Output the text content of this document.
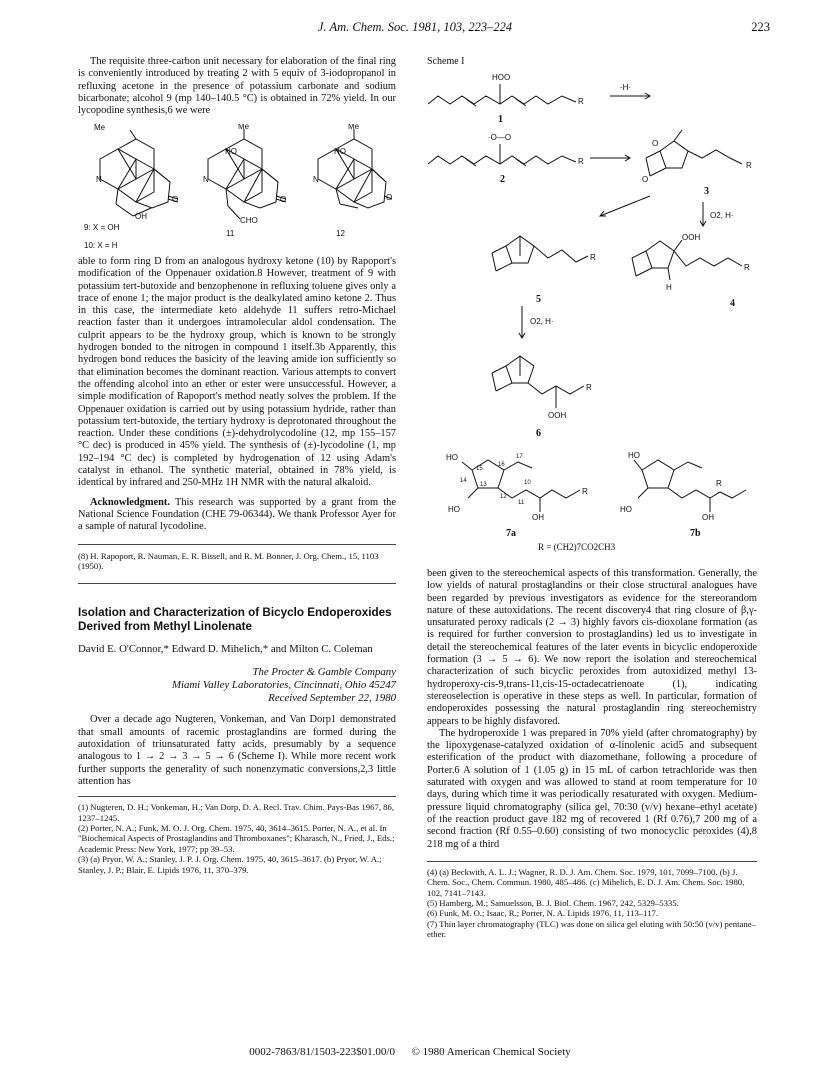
J. Am. Chem. Soc. 1981, 103, 223–224	223

The requisite three-carbon unit necessary for elaboration of the final ring is conveniently introduced by treating 2 with 5 equiv of 3-iodopropanol in refluxing acetone in the presence of potassium carbonate and sodium bicarbonate; alcohol 9 (mp 140–140.5 °C) is obtained in 72% yield. In our lycopodine synthesis,6 we were

Me
N
O
OH
9: X = OH
10: X = H
Me
HO
N
O
CHO
11
Me
HO
N
O
12

able to form ring D from an analogous hydroxy ketone (10) by Rapoport's modification of the Oppenauer oxidation.8 However, treatment of 9 with potassium tert-butoxide and benzophenone in refluxing toluene gives only a trace of enone 1; the major product is the dealkylated amino ketone 2. Thus in this case, the intermediate keto aldehyde 11 suffers retro-Michael reaction faster than it undergoes intramolecular aldol condensation. The culprit appears to be the hydroxy group, which is known to be strongly hydrogen bonded to the nitrogen in compound 1 itself.3b Apparently, this hydrogen bond reduces the basicity of the leaving amide ion sufficiently so that elimination becomes the dominant reaction. Various attempts to convert the offending alcohol into an ether or ester were unsuccessful. However, a simple modification of Rapoport's method neatly solves the problem. If the Oppenauer oxidation is carried out by using potassium hydride, rather than potassium tert-butoxide, the tertiary hydroxy is deprotonated throughout the reaction. Under these conditions (±)-dehydrolycodoline (12, mp 155–157 °C dec) is produced in 45% yield. The synthesis of (±)-lycodoline (1, mp 192–194 °C dec) is completed by hydrogenation of 12 using Adam's catalyst in ethanol. The synthetic material, obtained in 78% yield, is identical by infrared and 250-MHz 1H NMR with the natural alkaloid.

Acknowledgment. This research was supported by a grant from the National Science Foundation (CHE 79-06344). We thank Professor Ayer for a sample of natural lycodoline.

(8) H. Rapoport, R. Nauman, E. R. Bissell, and R. M. Bonner, J. Org. Chem., 15, 1103 (1950).
Isolation and Characterization of Bicyclo Endoperoxides Derived from Methyl Linolenate
David E. O'Connor,* Edward D. Mihelich,* and Milton C. Coleman
The Procter & Gamble Company
Miami Valley Laboratories, Cincinnati, Ohio 45247
Received September 22, 1980

Over a decade ago Nugteren, Vonkeman, and Van Dorp1 demonstrated that small amounts of racemic prostaglandins are formed during the autoxidation of triunsaturated fatty acids, presumably by a sequence analogous to 1 → 2 → 3 → 5 → 6 (Scheme I). While more recent work further supports the generality of such nonenzymatic conversions,2,3 little attention has

(1) Nugteren, D. H.; Vonkeman, H.; Van Dorp, D. A. Recl. Trav. Chim. Pays-Bas 1967, 86, 1237–1245.
(2) Porter, N. A.; Funk, M. O. J. Org. Chem. 1975, 40, 3614–3615. Porter, N. A., et al. In "Biochemical Aspects of Prostaglandins and Thromboxanes"; Kharasch, N., Fried, J., Eds.; Academic Press: New York, 1977; pp 39–53.
(3) (a) Pryor, W. A.; Stanley, J. P. J. Org. Chem. 1975, 40, 3615–3617. (b) Pryor, W. A.; Stanley, J. P.; Blair, E. Lipids 1976, 11, 370–379.
Scheme I
HOO
R
-H·
1
·O—O
R
2
O
O
R
3
O2, H·
OOH
H
R
4
R
5
O2, H·
R
OOH
6
HO
HO
OH
R
17
16
15
14
13
12
11
10
7a
HO
HO
OH
R
7b
R = (CH2)7CO2CH3

been given to the stereochemical aspects of this transformation. Generally, the low yields of natural prostaglandins or their close structural analogues have been regarded by previous investigators as evidence for the stereorandom nature of these autoxidations. The recent discovery4 that ring closure of β,γ-unsaturated peroxy radicals (2 → 3) highly favors cis-dioxolane formation (as is required for further conversion to prostaglandins) led us to investigate in detail the stereochemical features of the later events in bicyclic endoperoxide formation (3 → 5 → 6). We now report the isolation and stereochemical characterization of such bicyclic peroxides from autoxidized methyl 13-hydroperoxy-cis-9,trans-11,cis-15-octadecatrienoate (1), indicating stereoselection is operative in these steps as well. In particular, formation of endoperoxides possessing the natural prostaglandin ring stereochemistry appears to be highly disfavored.

The hydroperoxide 1 was prepared in 70% yield (after chromatography) by the lipoxygenase-catalyzed oxidation of α-linolenic acid5 and subsequent esterification of the product with diazomethane, following a procedure of Porter.6 A solution of 1 (1.05 g) in 15 mL of carbon tetrachloride was then saturated with oxygen and was allowed to stand at room temperature for 10 days, during which time it was periodically resaturated with oxygen. Medium-pressure liquid chromatography (silica gel, 70:30 (v/v) hexane–ethyl acetate) of the reaction product gave 182 mg of recovered 1 (Rf 0.76),7 200 mg of a second fraction (Rf 0.55–0.60) consisting of two monocyclic peroxides (4),8 218 mg of a third

(4) (a) Beckwith, A. L. J.; Wagner, R. D. J. Am. Chem. Soc. 1979, 101, 7099–7100. (b) J. Chem. Soc., Chem. Commun. 1980, 485–486. (c) Mihelich, E. D. J. Am. Chem. Soc. 1980, 102, 7141–7143.
(5) Hamberg, M.; Samuelsson, B. J. Biol. Chem. 1967, 242, 5329–5335.
(6) Funk, M. O.; Isaac, R.; Porter, N. A. Lipids 1976, 11, 113–117.
(7) Thin layer chromatography (TLC) was done on silica gel eluting with 50:50 (v/v) pentane–ether.
0002-7863/81/1503-223$01.00/0 © 1980 American Chemical Society
